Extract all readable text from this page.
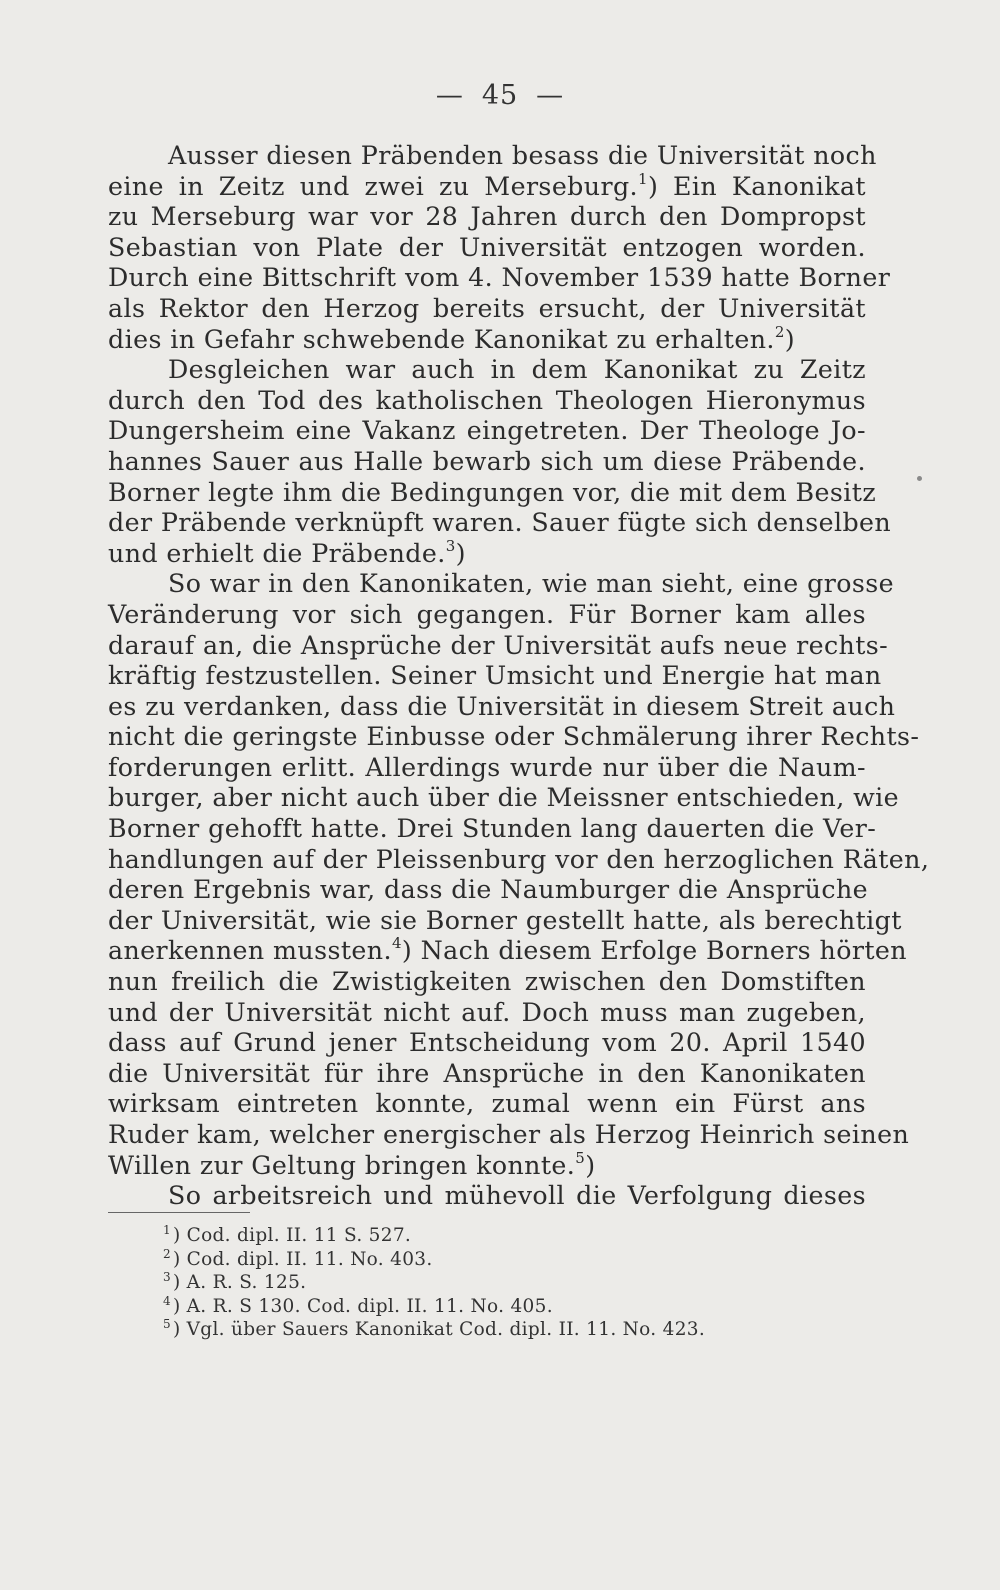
— 45 —
Ausser diesen Präbenden besass die Universität noch
eine in Zeitz und zwei zu Merseburg.$^1$) Ein Kanonikat
zu Merseburg war vor 28 Jahren durch den Dompropst
Sebastian von Plate der Universität entzogen worden.
Durch eine Bittschrift vom 4. November 1539 hatte Borner
als Rektor den Herzog bereits ersucht, der Universität
dies in Gefahr schwebende Kanonikat zu erhalten.$^2$)
Desgleichen war auch in dem Kanonikat zu Zeitz
durch den Tod des katholischen Theologen Hieronymus
Dungersheim eine Vakanz eingetreten. Der Theologe Jo-
hannes Sauer aus Halle bewarb sich um diese Präbende.
Borner legte ihm die Bedingungen vor, die mit dem Besitz
der Präbende verknüpft waren. Sauer fügte sich denselben
und erhielt die Präbende.$^3$)
So war in den Kanonikaten, wie man sieht, eine grosse
Veränderung vor sich gegangen. Für Borner kam alles
darauf an, die Ansprüche der Universität aufs neue rechts-
kräftig festzustellen. Seiner Umsicht und Energie hat man
es zu verdanken, dass die Universität in diesem Streit auch
nicht die geringste Einbusse oder Schmälerung ihrer Rechts-
forderungen erlitt. Allerdings wurde nur über die Naum-
burger, aber nicht auch über die Meissner entschieden, wie
Borner gehofft hatte. Drei Stunden lang dauerten die Ver-
handlungen auf der Pleissenburg vor den herzoglichen Räten,
deren Ergebnis war, dass die Naumburger die Ansprüche
der Universität, wie sie Borner gestellt hatte, als berechtigt
anerkennen mussten.$^4$) Nach diesem Erfolge Borners hörten
nun freilich die Zwistigkeiten zwischen den Domstiften
und der Universität nicht auf. Doch muss man zugeben,
dass auf Grund jener Entscheidung vom 20. April 1540
die Universität für ihre Ansprüche in den Kanonikaten
wirksam eintreten konnte, zumal wenn ein Fürst ans
Ruder kam, welcher energischer als Herzog Heinrich seinen
Willen zur Geltung bringen konnte.$^5$)
So arbeitsreich und mühevoll die Verfolgung dieses
$^1$ ) Cod. dipl. II. 11 S. 527.
$^2$ ) Cod. dipl. II. 11. No. 403.
$^3$ ) A. R. S. 125.
$^4$ ) A. R. S 130. Cod. dipl. II. 11. No. 405.
$^5$ ) Vgl. über Sauers Kanonikat Cod. dipl. II. 11. No. 423.
